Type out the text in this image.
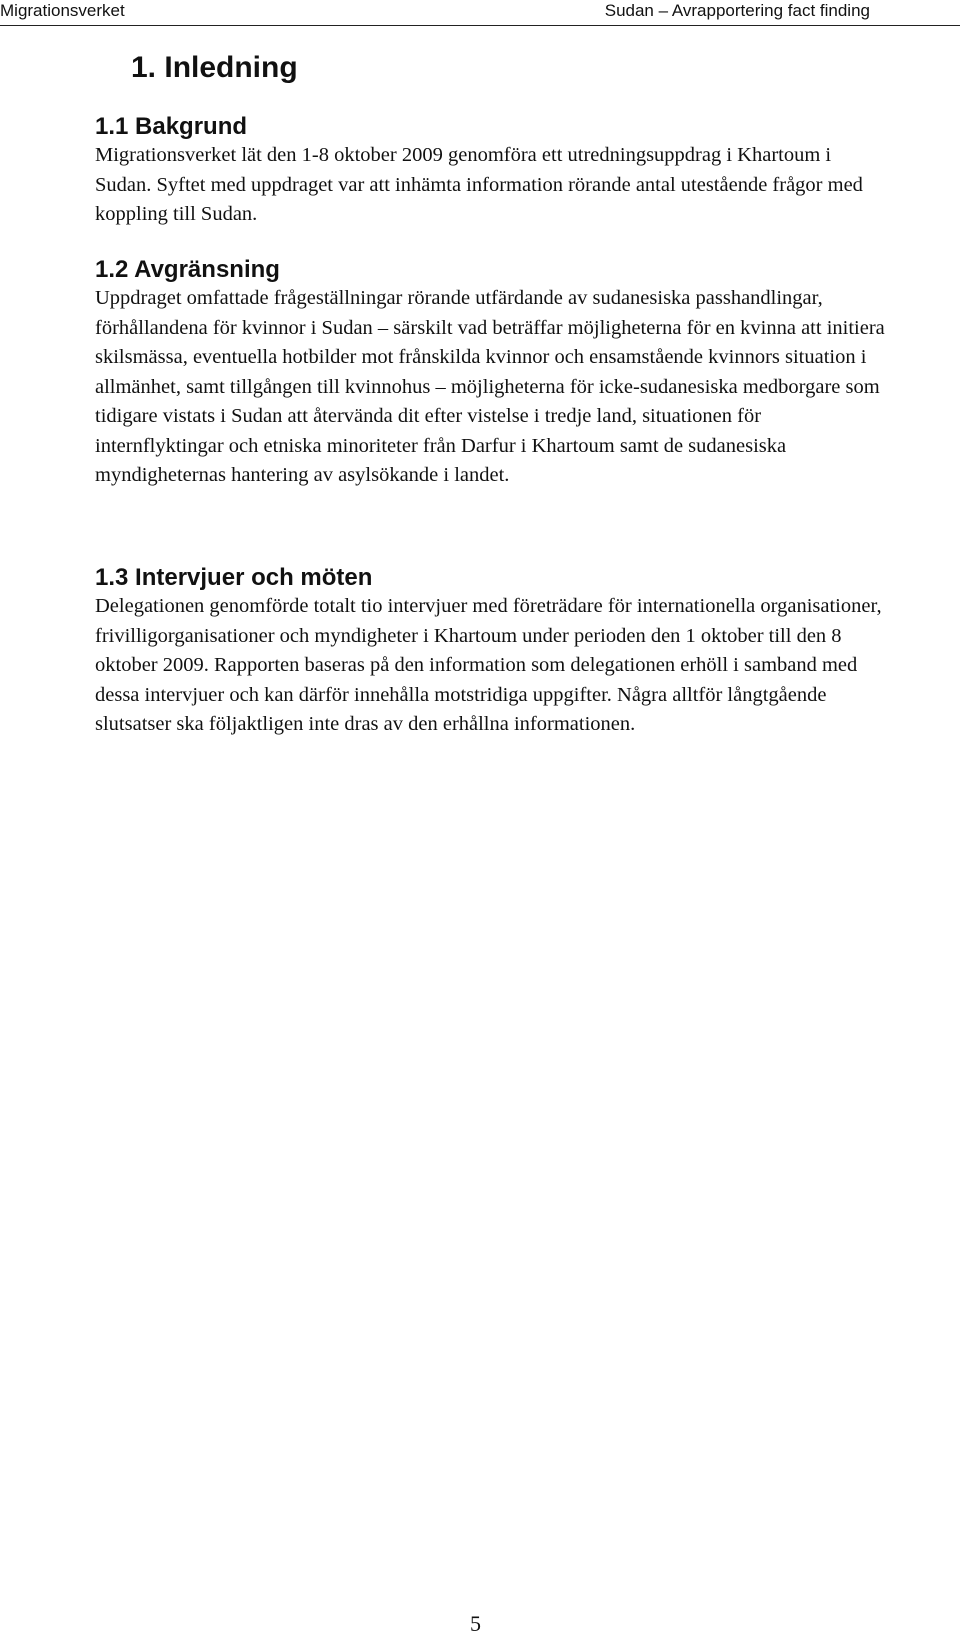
Migrationsverket	Sudan – Avrapportering fact finding
1. Inledning
1.1 Bakgrund

Migrationsverket lät den 1-8 oktober 2009 genomföra ett utredningsuppdrag i Khartoum i Sudan. Syftet med uppdraget var att inhämta information rörande antal utestående frågor med koppling till Sudan.

1.2 Avgränsning

Uppdraget omfattade frågeställningar rörande utfärdande av sudanesiska passhandlingar, förhållandena för kvinnor i Sudan – särskilt vad beträffar möjligheterna för en kvinna att initiera skilsmässa, eventuella hotbilder mot frånskilda kvinnor och ensamstående kvinnors situation i allmänhet, samt tillgången till kvinnohus – möjligheterna för icke-sudanesiska medborgare som tidigare vistats i Sudan att återvända dit efter vistelse i tredje land, situationen för internflyktingar och etniska minoriteter från Darfur i Khartoum samt de sudanesiska myndigheternas hantering av asylsökande i landet.

1.3 Intervjuer och möten

Delegationen genomförde totalt tio intervjuer med företrädare för internationella organisationer, frivilligorganisationer och myndigheter i Khartoum under perioden den 1 oktober till den 8 oktober 2009. Rapporten baseras på den information som delegationen erhöll i samband med dessa intervjuer och kan därför innehålla motstridiga uppgifter. Några alltför långtgående slutsatser ska följaktligen inte dras av den erhållna informationen.

5
